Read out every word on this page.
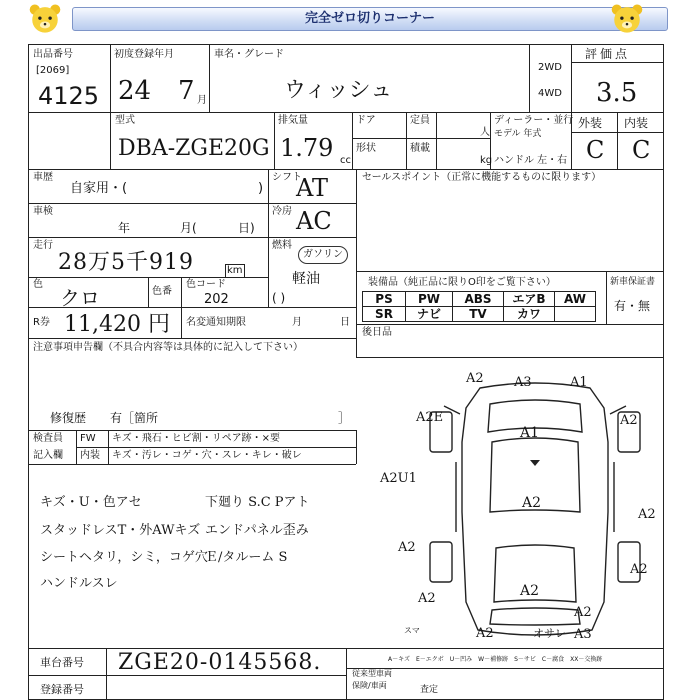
完全ゼロ切りコーナー
出品番号
[2069]
4125
初度登録年月
24 7 月
車名・グレード
ウィッシュ
2WD
4WD
評価点
3.5
型式
DBA-ZGE20G
排気量
1.79 cc
ドア
形状
定員
積載
人
kg
ディーラー・並行
モデル 年式
ハンドル 左・右
外装 内装
C C
車歴
自家用・(	)
シフト
AT
車検
年	月(	日)
冷房 AC
走行
28万5千919	km
燃料
ガソリン
軽油
( )
色
クロ	色番
色コード
202
R券 11,420 円 名変通知期限	月	日
セールスポイント（正常に機能するものに限ります）
装備品（純正品に限りO印をご覧下さい）	新車保証書
有・無
PS	PW	ABS	エアB	AW
SR	ナビ	TV	カワ	
後日品
注意事項申告欄（不具合内容等は具体的に記入して下さい）
修復歴 有［箇所	］
検査員
記入欄
FW キズ・飛石・ヒビ割・リペア跡・×要
内装 キズ・汚レ・コゲ・穴・スレ・キレ・破レ
キズ・U・色アセ
スタッドレスT・外AWキズ
シートヘタリ，シミ，コゲ穴
ハンドルスレ
下廻り S.C Pアト
エンドパネル歪み
Ｅ/タルーム S
A2 A3	A1
A2E
A1
A2
A2
A2U1
A2
A2
A2
A2
A2
A2	A3
A2
オサレ
スマ
A－キズ　E－エクボ　U－凹み　W－補修跡　S－サビ　C－腐食　XX－交換跡
車台番号 ZGE20-0145568.
登録番号
従来型車両
保険/車両	査定
